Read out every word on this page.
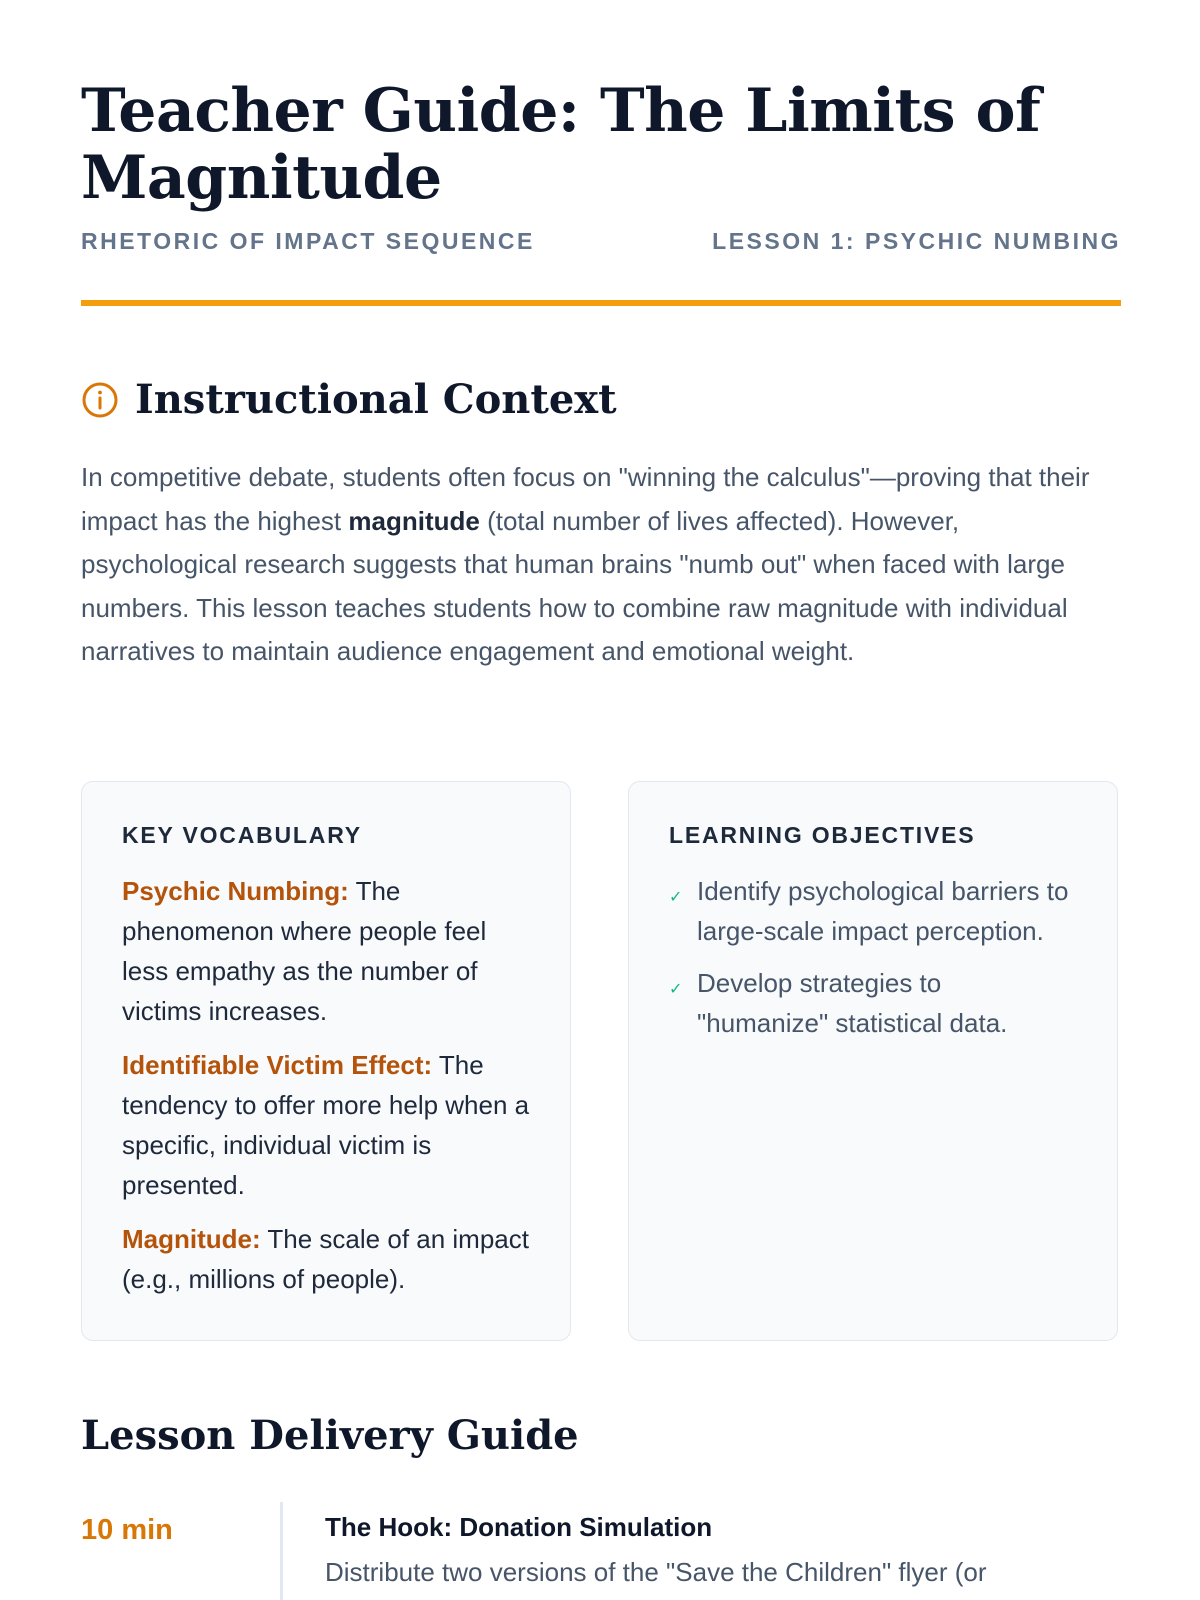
Teacher Guide: The Limits of Magnitude
RHETORIC OF IMPACT SEQUENCE	LESSON 1: PSYCHIC NUMBING
Instructional Context

In competitive debate, students often focus on "winning the calculus"—proving that their impact has the highest magnitude (total number of lives affected). However, psychological research suggests that human brains "numb out" when faced with large numbers. This lesson teaches students how to combine raw magnitude with individual narratives to maintain audience engagement and emotional weight.

KEY VOCABULARY

Psychic Numbing: The phenomenon where people feel less empathy as the number of victims increases.

Identifiable Victim Effect: The tendency to offer more help when a specific, individual victim is presented.

Magnitude: The scale of an impact (e.g., millions of people).

LEARNING OBJECTIVES
✓ Identify psychological barriers to large-scale impact perception.
✓ Develop strategies to "humanize" statistical data.
Lesson Delivery Guide
10 min	The Hook: Donation Simulation

Distribute two versions of the "Save the Children" flyer (or
